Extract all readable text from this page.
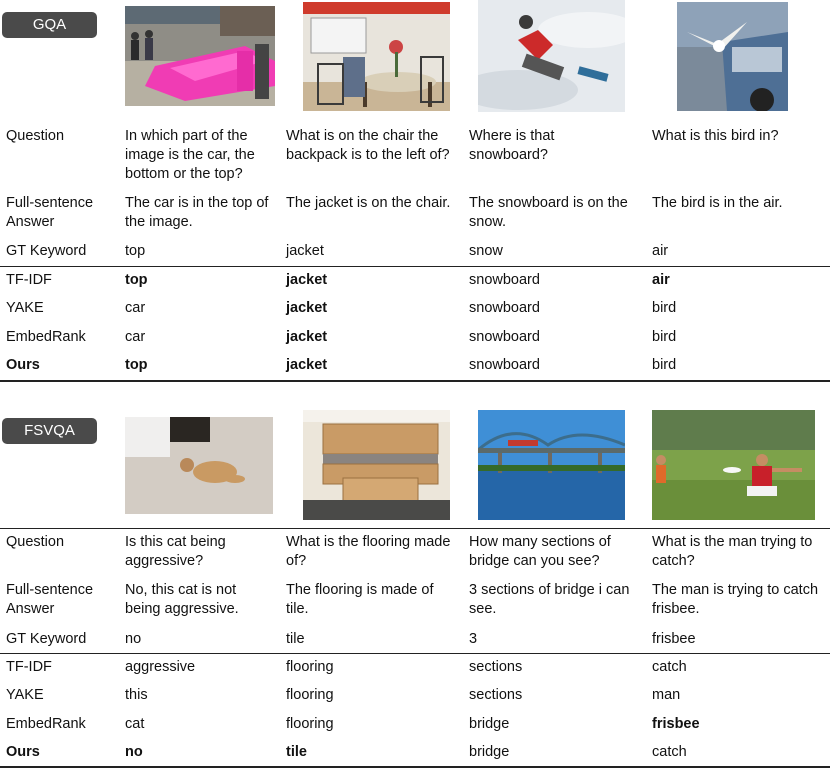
GQA
Question
Full-sentence
Answer
GT Keyword
TF-IDF
YAKE
EmbedRank
Ours
In which part of the
image is the car, the
bottom or the top?
The car is in the top of
the image.
top
top
car
car
top
What is on the chair the
backpack is to the left of?
The jacket is on the chair.
jacket
jacket
jacket
jacket
jacket
Where is that
snowboard?
The snowboard is on the
snow.
snow
snowboard
snowboard
snowboard
snowboard
What is this bird in?
The bird is in the air.
air
air
bird
bird
bird
FSVQA
Question
Full-sentence
Answer
GT Keyword
TF-IDF
YAKE
EmbedRank
Ours
Is this cat being
aggressive?
No, this cat is not
being aggressive.
no
aggressive
this
cat
no
What is the flooring made
of?
The flooring is made of
tile.
tile
flooring
flooring
flooring
tile
How many sections of
bridge can you see?
3 sections of bridge i can
see.
3
sections
sections
bridge
bridge
What is the man trying to
catch?
The man is trying to catch
frisbee.
frisbee
catch
man
frisbee
catch
